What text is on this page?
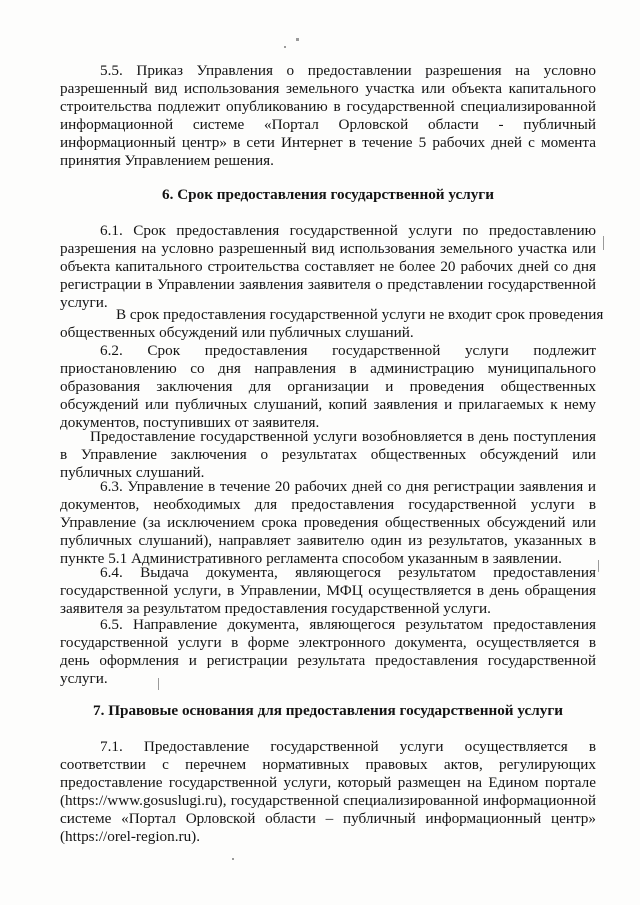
5.5. Приказ Управления о предоставлении разрешения на условно
разрешенный вид использования земельного участка или объекта капитального
строительства подлежит опубликованию в государственной специализированной
информационной системе «Портал Орловской области - публичный
информационный центр» в сети Интернет в течение 5 рабочих дней с момента
принятия Управлением решения.
6. Срок предоставления государственной услуги
6.1. Срок предоставления государственной услуги по предоставлению
разрешения на условно разрешенный вид использования земельного участка или
объекта капитального строительства составляет не более 20 рабочих дней со дня
регистрации в Управлении заявления заявителя о представлении государственной
услуги.
В срок предоставления государственной услуги не входит срок проведения
общественных обсуждений или публичных слушаний.
6.2. Срок предоставления государственной услуги подлежит
приостановлению со дня направления в администрацию муниципального
образования заключения для организации и проведения общественных
обсуждений или публичных слушаний, копий заявления и прилагаемых к нему
документов, поступивших от заявителя.
Предоставление государственной услуги возобновляется в день поступления
в Управление заключения о результатах общественных обсуждений или
публичных слушаний.
6.3. Управление в течение 20 рабочих дней со дня регистрации заявления и
документов, необходимых для предоставления государственной услуги в
Управление (за исключением срока проведения общественных обсуждений или
публичных слушаний), направляет заявителю один из результатов, указанных в
пункте 5.1 Административного регламента способом указанным в заявлении.
6.4. Выдача документа, являющегося результатом предоставления
государственной услуги, в Управлении, МФЦ осуществляется в день обращения
заявителя за результатом предоставления государственной услуги.
6.5. Направление документа, являющегося результатом предоставления
государственной услуги в форме электронного документа, осуществляется в
день оформления и регистрации результата предоставления государственной
услуги.
7. Правовые основания для предоставления государственной услуги
7.1. Предоставление государственной услуги осуществляется в
соответствии с перечнем нормативных правовых актов, регулирующих
предоставление государственной услуги, который размещен на Едином портале
(https://www.gosuslugi.ru), государственной специализированной информационной
системе «Портал Орловской области – публичный информационный центр»
(https://orel-region.ru).
